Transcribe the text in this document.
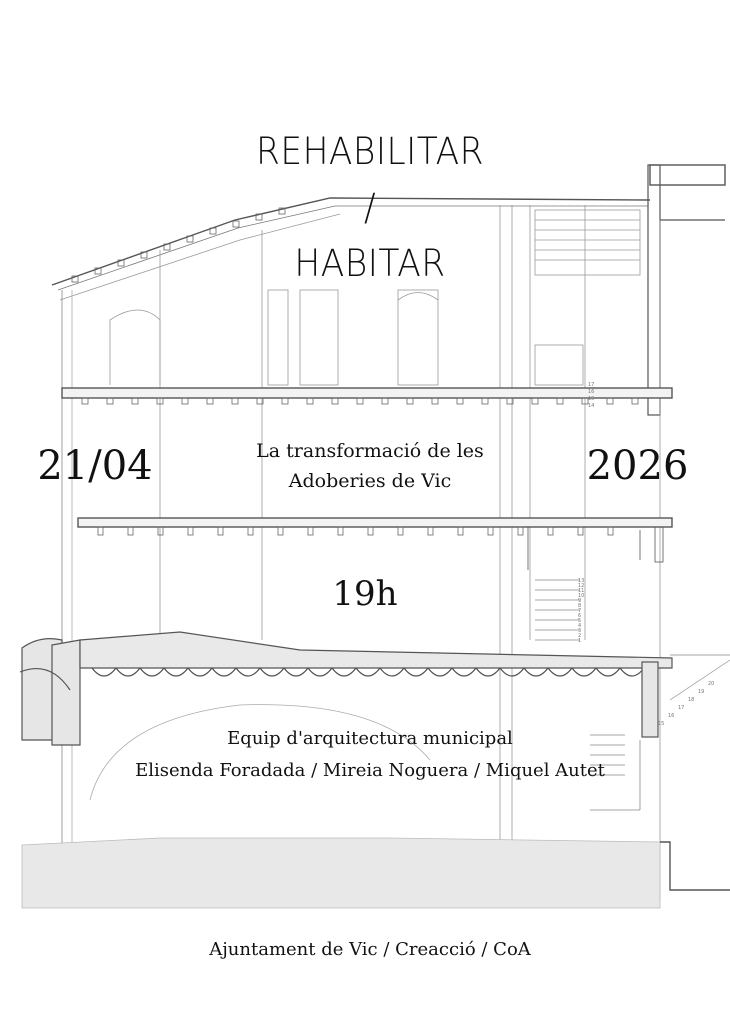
17
16
15
14
13
12
11
10
9
8
7
6
5
4
3
2
1
20
19
18
17
16
15

REHABILITAR

/

HABITAR

21/04	2026

La transformació de les

Adoberies de Vic

19h

Equip d'arquitectura municipal

Elisenda Foradada / Mireia Noguera / Miquel Autet

Ajuntament de Vic / Creacció / CoA
